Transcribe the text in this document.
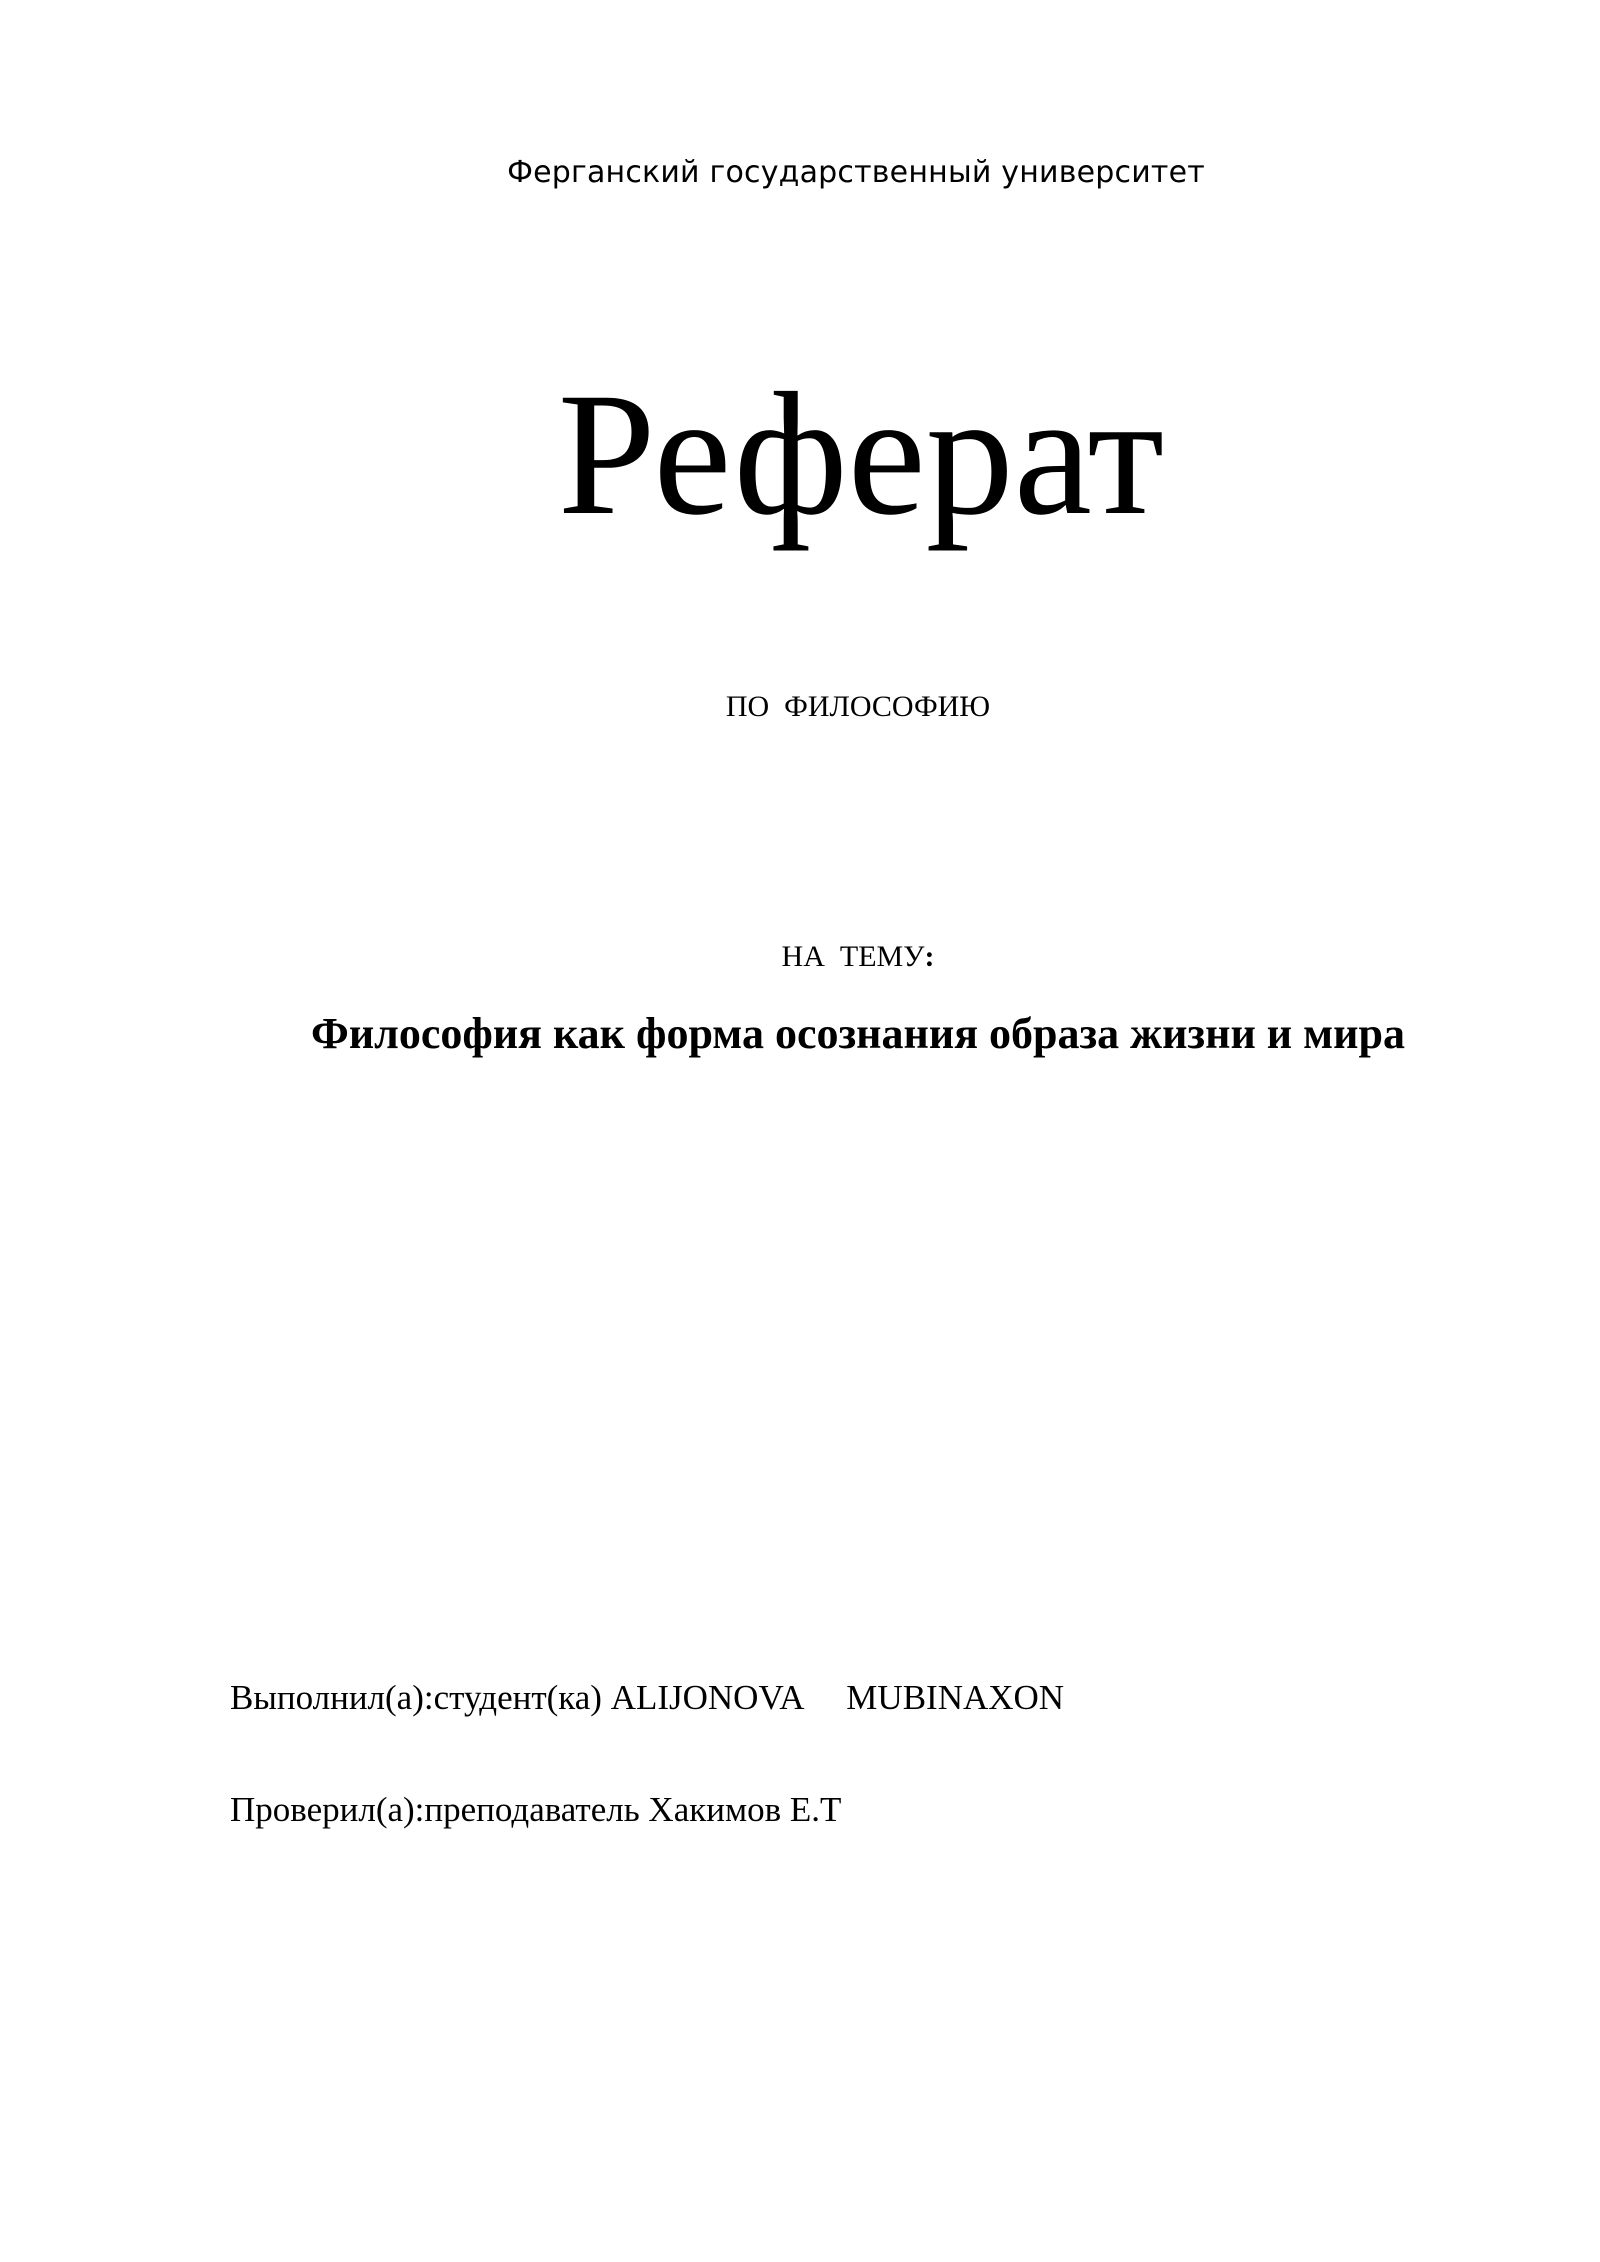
Ферганский государственный университет

Реферат

ПО  ФИЛОСОФИЮ

НА  ТЕМУ:

Философия как форма осознания образа жизни и мира

Выполнил(а):студент(ка) ALIJONOVA     MUBINAXON

Проверил(а):преподаватель Хакимов Е.Т
